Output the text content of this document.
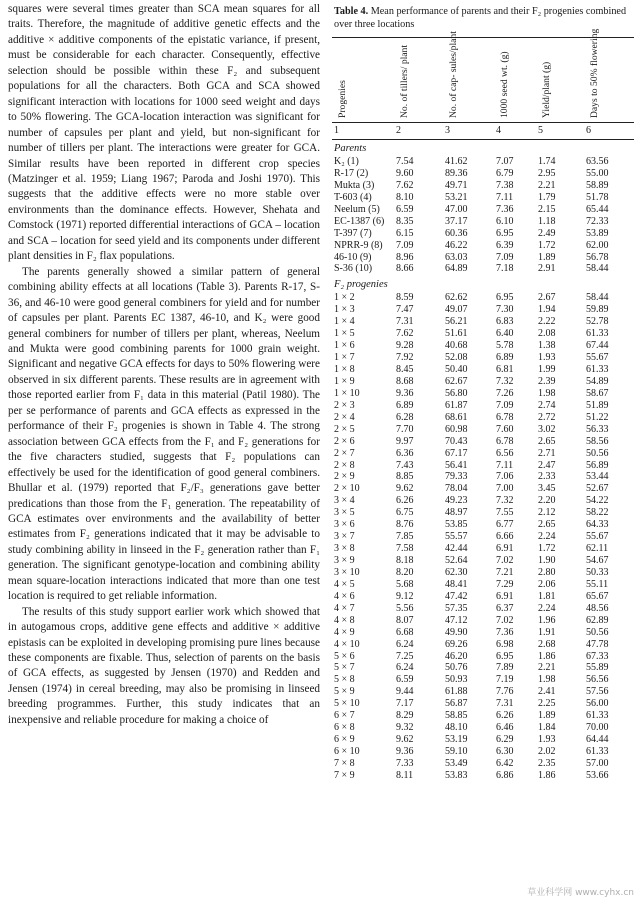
squares were several times greater than SCA mean squares for all traits. Therefore, the magnitude of additive genetic effects and the additive × additive components of the epistatic variance, if present, must be considerable for each character. Consequently, effective selection should be possible within these F₂ and subsequent populations for all the characters. Both GCA and SCA showed significant interaction with locations for 1000 seed weight and days to 50% flowering. The GCA-location interaction was significant for number of capsules per plant and yield, but non-significant for number of tillers per plant. The interactions were greater for GCA. Similar results have been reported in different crop species (Matzinger et al. 1959; Liang 1967; Paroda and Joshi 1970). This suggests that the additive effects were no more stable over environments than the dominance effects. However, Shehata and Comstock (1971) reported differential interactions of GCA – location and SCA – location for seed yield and its components under different plant densities in F₂ flax populations.

The parents generally showed a similar pattern of general combining ability effects at all locations (Table 3). Parents R-17, S-36, and 46-10 were good general combiners for yield and for number of capsules per plant. Parents EC 1387, 46-10, and K₂ were good general combiners for number of tillers per plant, whereas, Neelum and Mukta were good combining parents for 1000 grain weight. Significant and negative GCA effects for days to 50% flowering were observed in six different parents. These results are in agreement with those reported earlier from F₁ data in this material (Patil 1980). The per se performance of parents and GCA effects as expressed in the performance of their F₂ progenies is shown in Table 4. The strong association between GCA effects from the F₁ and F₂ generations for the five characters studied, suggests that F₂ populations can effectively be used for the identification of good general combiners. Bhullar et al. (1979) reported that F₂/F₃ generations gave better predications than those from the F₁ generation. The repeatability of GCA estimates over environments and the availability of better estimates from F₂ generations indicated that it may be advisable to study combining ability in linseed in the F₂ generation rather than F₁ generation. The significant genotype-location and combining ability mean square-location interactions indicated that more than one test location is required to get reliable information.

The results of this study support earlier work which showed that in autogamous crops, additive gene effects and additive × additive epistasis can be exploited in developing promising pure lines because these components are fixable. Thus, selection of parents on the basis of GCA effects, as suggested by Jensen (1970) and Redden and Jensen (1974) in cereal breeding, may also be promising in linseed breeding programmes. Further, this study indicates that an inexpensive and reliable procedure for making a choice of

Table 4. Mean performance of parents and their F₂ progenies combined over three locations
Progenies	No. of tillers/ plant	No. of cap- sules/plant	1000 seed wt. (g)	Yield/plant (g)	Days to 50% flowering
1	2	3	4	5	6
Parents
K₂ (1)	7.54	41.62	7.07 1.74	63.56
R-17 (2)	9.60	89.36	6.79 2.95	55.00
Mukta (3) 7.62	49.71	7.38 2.21	58.89
T-603 (4) 8.10	53.21	7.11 1.79	51.78
Neelum (5) 6.59	47.00	7.36 2.15	65.44
EC-1387 (6) 8.35	37.17	6.10 1.18	72.33
T-397 (7) 6.15	60.36	6.95 2.49	53.89
NPRR-9 (8) 7.09	46.22	6.39 1.72	62.00
46-10 (9) 8.96	63.03	7.09 1.89	56.78
S-36 (10) 8.66	64.89	7.18 2.91	58.44
F₂ progenies
1 × 2	8.59	62.62	6.95 2.67	58.44
1 × 3	7.47	49.07	7.30 1.94	59.89
1 × 4	7.31	56.21	6.83 2.22	52.78
1 × 5	7.62	51.61	6.40 2.08	61.33
1 × 6	9.28	40.68	5.78 1.38	67.44
1 × 7	7.92	52.08	6.89 1.93	55.67
1 × 8	8.45	50.40	6.81 1.99	61.33
1 × 9	8.68	62.67	7.32 2.39	54.89
1 × 10	9.36	56.80	7.26 1.98	58.67
2 × 3	6.89	61.87	7.09 2.74	51.89
2 × 4	6.28	68.61	6.78 2.72	51.22
2 × 5	7.70	60.98	7.60 3.02	56.33
2 × 6	9.97	70.43	6.78 2.65	58.56
2 × 7	6.36	67.17	6.56 2.71	50.56
2 × 8	7.43	56.41	7.11 2.47	56.89
2 × 9	8.85	79.33	7.06 2.33	53.44
2 × 10	9.62	78.04	7.00 3.45	52.67
3 × 4	6.26	49.23	7.32 2.20	54.22
3 × 5	6.75	48.97	7.55 2.12	58.22
3 × 6	8.76	53.85	6.77 2.65	64.33
3 × 7	7.85	55.57	6.66 2.24	55.67
3 × 8	7.58	42.44	6.91 1.72	62.11
3 × 9	8.18	52.64	7.02 1.90	54.67
3 × 10	8.20	62.30	7.21 2.80	50.33
4 × 5	5.68	48.41	7.29 2.06	55.11
4 × 6	9.12	47.42	6.91 1.81	65.67
4 × 7	5.56	57.35	6.37 2.24	48.56
4 × 8	8.07	47.12	7.02 1.96	62.89
4 × 9	6.68	49.90	7.36 1.91	50.56
4 × 10	6.24	69.26	6.98 2.68	47.78
5 × 6	7.25	46.20	6.95 1.86	67.33
5 × 7	6.24	50.76	7.89 2.21	55.89
5 × 8	6.59	50.93	7.19 1.98	56.56
5 × 9	9.44	61.88	7.76 2.41	57.56
5 × 10	7.17	56.87	7.31 2.25	56.00
6 × 7	8.29	58.85	6.26 1.89	61.33
6 × 8	9.32	48.10	6.46 1.84	70.00
6 × 9	9.62	53.19	6.29 1.93	64.44
6 × 10	9.36	59.10	6.30 2.02	61.33
7 × 8	7.33	53.49	6.42 2.35	57.00
7 × 9	8.11	53.83	6.86 1.86	53.66
草业科学网 www.cyhx.cn
